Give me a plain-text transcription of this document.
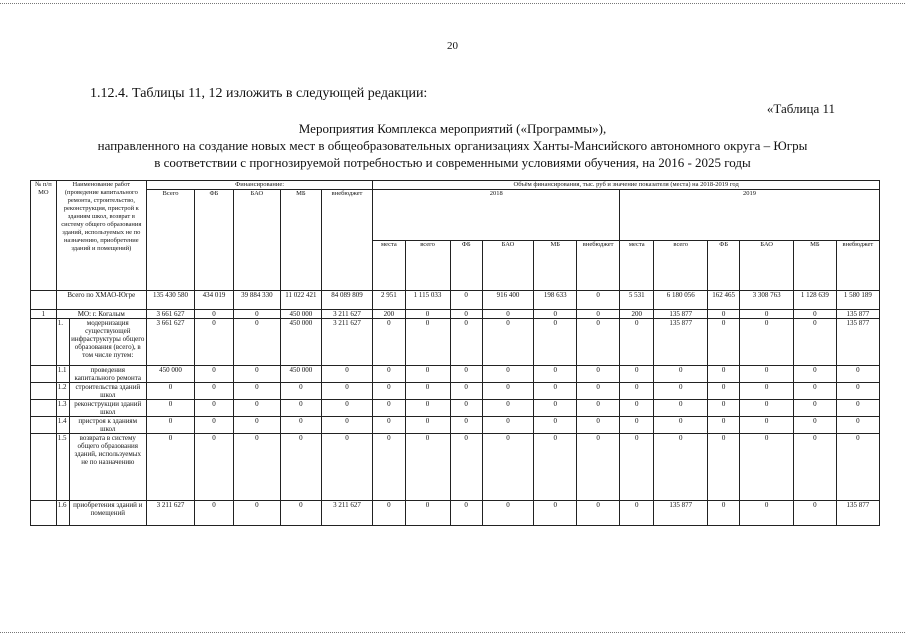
20
1.12.4. Таблицы 11, 12 изложить в следующей редакции:
«Таблица 11
Мероприятия Комплекса мероприятий («Программы»),
направленного на создание новых мест в общеобразовательных организациях Ханты-Мансийского автономного округа – Югры
в соответствии с прогнозируемой потребностью и современными условиями обучения, на 2016 - 2025 годы
№ п/п МО	Наименование работ (проведение капитального ремонта, строительство, реконструкция, пристрой к зданиям школ, возврат в систему общего образования зданий, используемых не по назначению, приобретение зданий и помещений)		Финансирование:					Объём финансирования, тыс. руб и значение показателя (места) на 2018-2019 год											
			Всего	ФБ	БАО	МБ	внебюджет	2018						2019					
								места	всего	ФБ	БАО	МБ	внебюджет	места	всего	ФБ	БАО	МБ	внебюджет
	Всего по ХМАО-Югре		135 430 580	434 019	39 884 330	11 022 421	84 089 809	2 951	1 115 033	0	916 400	198 633	0	5 531	6 180 056	162 465	3 308 763	1 128 639	1 580 189
1	МО: г. Когалым		3 661 627	0	0	450 000	3 211 627	200	0	0	0	0	0	200	135 877	0	0	0	135 877
	1.	модернизация существующей инфраструктуры общего образования (всего), в том числе путем:	3 661 627	0	0	450 000	3 211 627	0	0	0	0	0	0	0	135 877	0	0	0	135 877
	1.1	проведения капитального ремонта	450 000	0	0	450 000	0	0	0	0	0	0	0	0	0	0	0	0	0
	1.2	строительства зданий школ	0	0	0	0	0	0	0	0	0	0	0	0	0	0	0	0	0
	1.3	реконструкции зданий школ	0	0	0	0	0	0	0	0	0	0	0	0	0	0	0	0	0
	1.4	пристроя к зданиям школ	0	0	0	0	0	0	0	0	0	0	0	0	0	0	0	0	0
	1.5	возврата в систему общего образования зданий, используемых не по назначению	0	0	0	0	0	0	0	0	0	0	0	0	0	0	0	0	0
	1.6	приобретения зданий и помещений	3 211 627	0	0	0	3 211 627	0	0	0	0	0	0	0	135 877	0	0	0	135 877
